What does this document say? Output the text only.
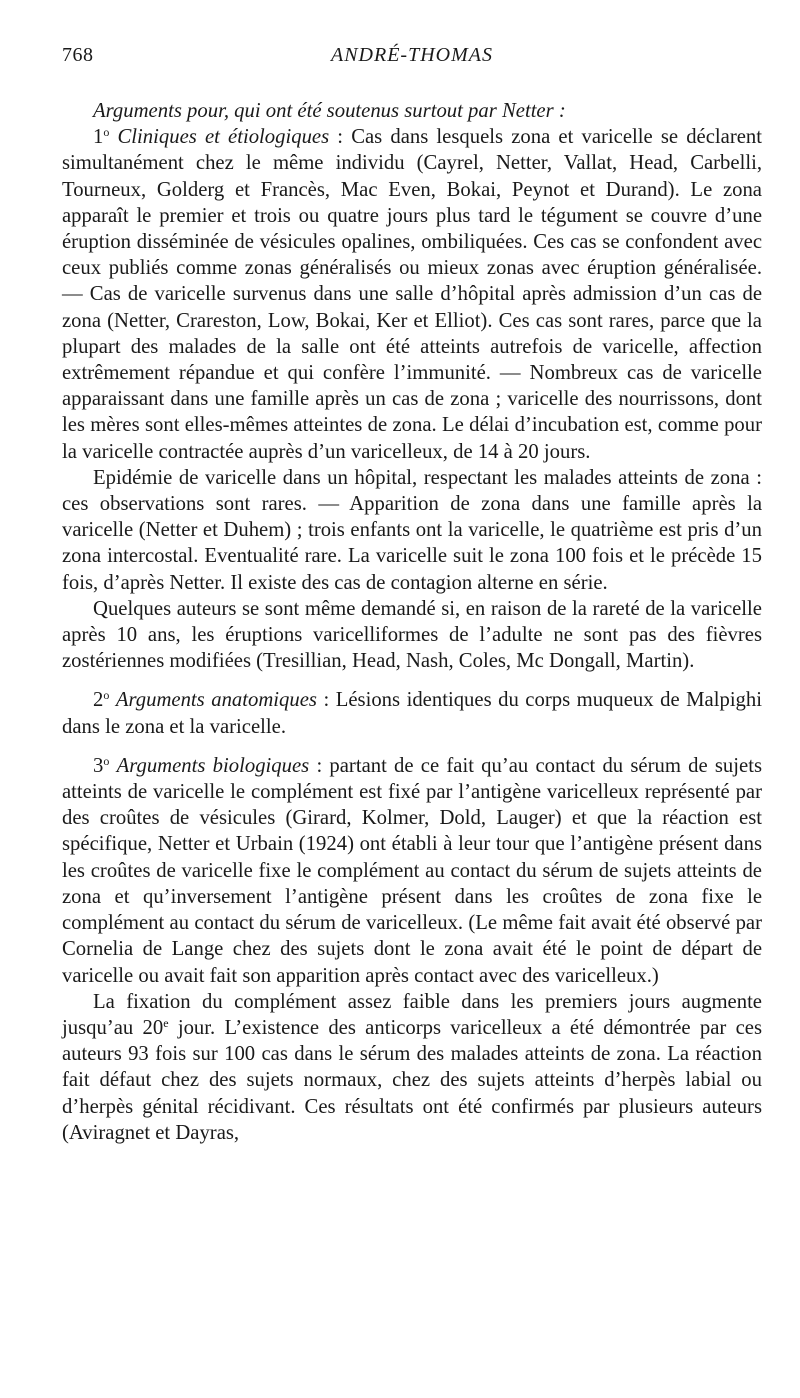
768	ANDRÉ-THOMAS

Arguments pour, qui ont été soutenus surtout par Netter :

1$^o$ Cliniques et étiologiques : Cas dans lesquels zona et varicelle se déclarent simultanément chez le même individu (Cayrel, Netter, Vallat, Head, Carbelli, Tourneux, Golderg et Francès, Mac Even, Bokai, Peynot et Durand). Le zona apparaît le premier et trois ou quatre jours plus tard le tégument se couvre d’une éruption disséminée de vésicules opalines, ombiliquées. Ces cas se confondent avec ceux publiés comme zonas généralisés ou mieux zonas avec éruption généralisée. — Cas de varicelle survenus dans une salle d’hôpital après admission d’un cas de zona (Netter, Crareston, Low, Bokai, Ker et Elliot). Ces cas sont rares, parce que la plupart des malades de la salle ont été atteints autrefois de varicelle, affection extrêmement répandue et qui confère l’immunité. — Nombreux cas de varicelle apparaissant dans une famille après un cas de zona ; varicelle des nourrissons, dont les mères sont elles-mêmes atteintes de zona. Le délai d’incubation est, comme pour la varicelle contractée auprès d’un varicelleux, de 14 à 20 jours.

Epidémie de varicelle dans un hôpital, respectant les malades atteints de zona : ces observations sont rares. — Apparition de zona dans une famille après la varicelle (Netter et Duhem) ; trois enfants ont la varicelle, le quatrième est pris d’un zona intercostal. Eventualité rare. La varicelle suit le zona 100 fois et le précède 15 fois, d’après Netter. Il existe des cas de contagion alterne en série.

Quelques auteurs se sont même demandé si, en raison de la rareté de la varicelle après 10 ans, les éruptions varicelliformes de l’adulte ne sont pas des fièvres zostériennes modifiées (Tresillian, Head, Nash, Coles, Mc Dongall, Martin).

2$^o$ Arguments anatomiques : Lésions identiques du corps muqueux de Malpighi dans le zona et la varicelle.

3$^o$ Arguments biologiques : partant de ce fait qu’au contact du sérum de sujets atteints de varicelle le complément est fixé par l’antigène varicelleux représenté par des croûtes de vésicules (Girard, Kolmer, Dold, Lauger) et que la réaction est spécifique, Netter et Urbain (1924) ont établi à leur tour que l’antigène présent dans les croûtes de varicelle fixe le complément au contact du sérum de sujets atteints de zona et qu’inversement l’antigène présent dans les croûtes de zona fixe le complément au contact du sérum de varicelleux. (Le même fait avait été observé par Cornelia de Lange chez des sujets dont le zona avait été le point de départ de varicelle ou avait fait son apparition après contact avec des varicelleux.)

La fixation du complément assez faible dans les premiers jours augmente jusqu’au 20e jour. L’existence des anticorps varicelleux a été démontrée par ces auteurs 93 fois sur 100 cas dans le sérum des malades atteints de zona. La réaction fait défaut chez des sujets normaux, chez des sujets atteints d’herpès labial ou d’herpès génital récidivant. Ces résultats ont été confirmés par plusieurs auteurs (Aviragnet et Dayras,
